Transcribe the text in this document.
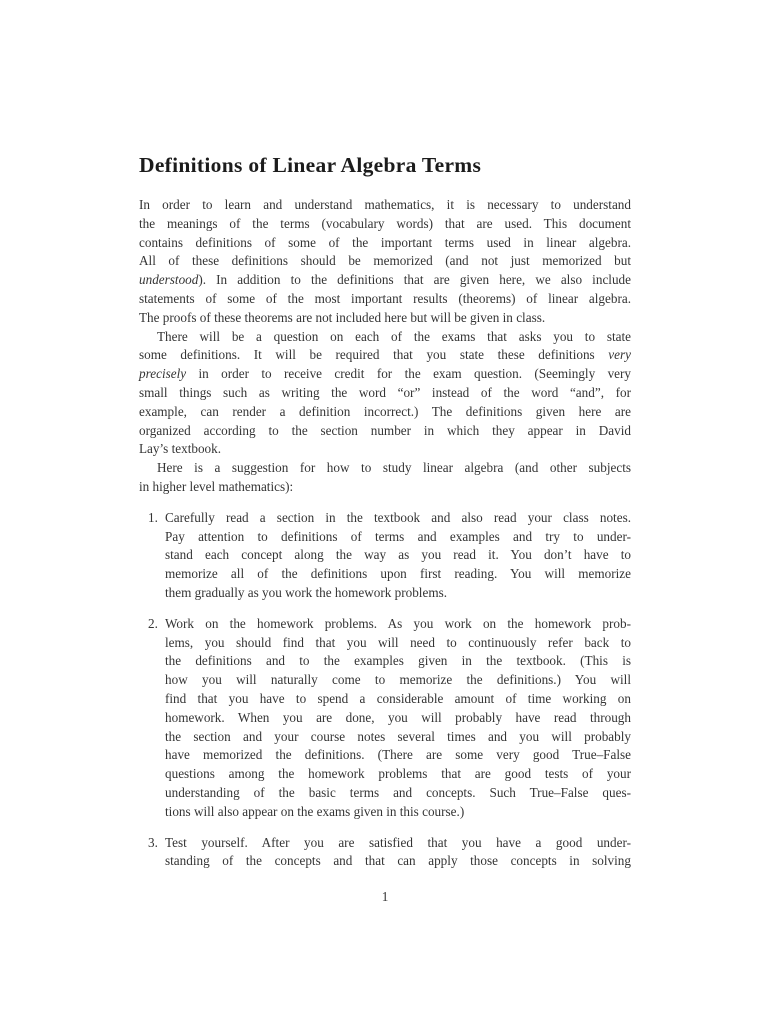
Definitions of Linear Algebra Terms
In order to learn and understand mathematics, it is necessary to understand
the meanings of the terms (vocabulary words) that are used. This document
contains definitions of some of the important terms used in linear algebra.
All of these definitions should be memorized (and not just memorized but
understood). In addition to the definitions that are given here, we also include
statements of some of the most important results (theorems) of linear algebra.
The proofs of these theorems are not included here but will be given in class.
There will be a question on each of the exams that asks you to state
some definitions. It will be required that you state these definitions very
precisely in order to receive credit for the exam question. (Seemingly very
small things such as writing the word “or” instead of the word “and”, for
example, can render a definition incorrect.) The definitions given here are
organized according to the section number in which they appear in David
Lay’s textbook.
Here is a suggestion for how to study linear algebra (and other subjects
in higher level mathematics):
1. Carefully read a section in the textbook and also read your class notes.
Pay attention to definitions of terms and examples and try to under-
stand each concept along the way as you read it. You don’t have to
memorize all of the definitions upon first reading. You will memorize
them gradually as you work the homework problems.
2. Work on the homework problems. As you work on the homework prob-
lems, you should find that you will need to continuously refer back to
the definitions and to the examples given in the textbook. (This is
how you will naturally come to memorize the definitions.) You will
find that you have to spend a considerable amount of time working on
homework. When you are done, you will probably have read through
the section and your course notes several times and you will probably
have memorized the definitions. (There are some very good True–False
questions among the homework problems that are good tests of your
understanding of the basic terms and concepts. Such True–False ques-
tions will also appear on the exams given in this course.)
3. Test yourself. After you are satisfied that you have a good under-
standing of the concepts and that can apply those concepts in solving
1
